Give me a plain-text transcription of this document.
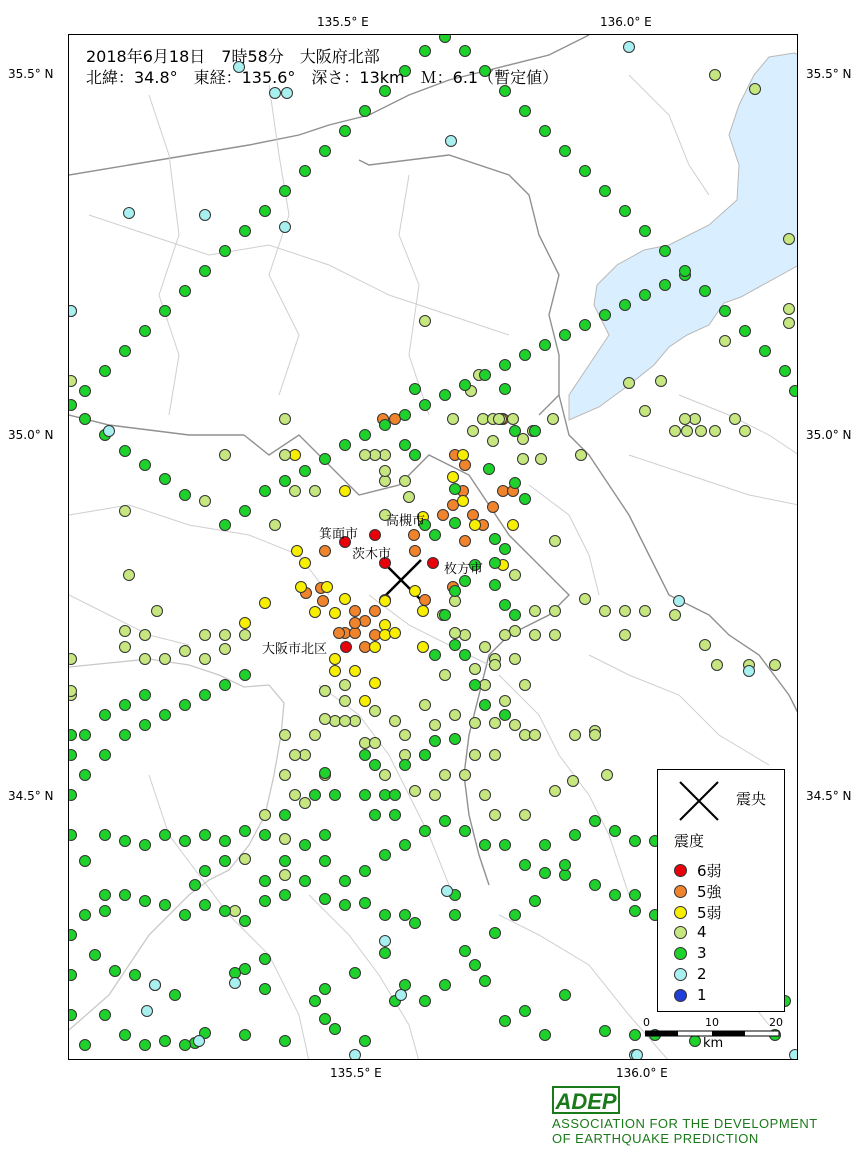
135.5° E	136.0° E
135.5° E	136.0° E
35.5° N
35.0° N
34.5° N
35.5° N
35.0° N
34.5° N
2018年6月18日　7時58分　大阪府北部
北緯：34.8°　東経：135.6°　深さ：13km　Ｍ：6.1（暫定値）
箕面市
高槻市
茨木市
枚方市
大阪市北区
震央
震度
6弱
5強
5弱
4
3
2
1
0	10	20
km
ADEP
ASSOCIATION FOR THE DEVELOPMENT
OF EARTHQUAKE PREDICTION
